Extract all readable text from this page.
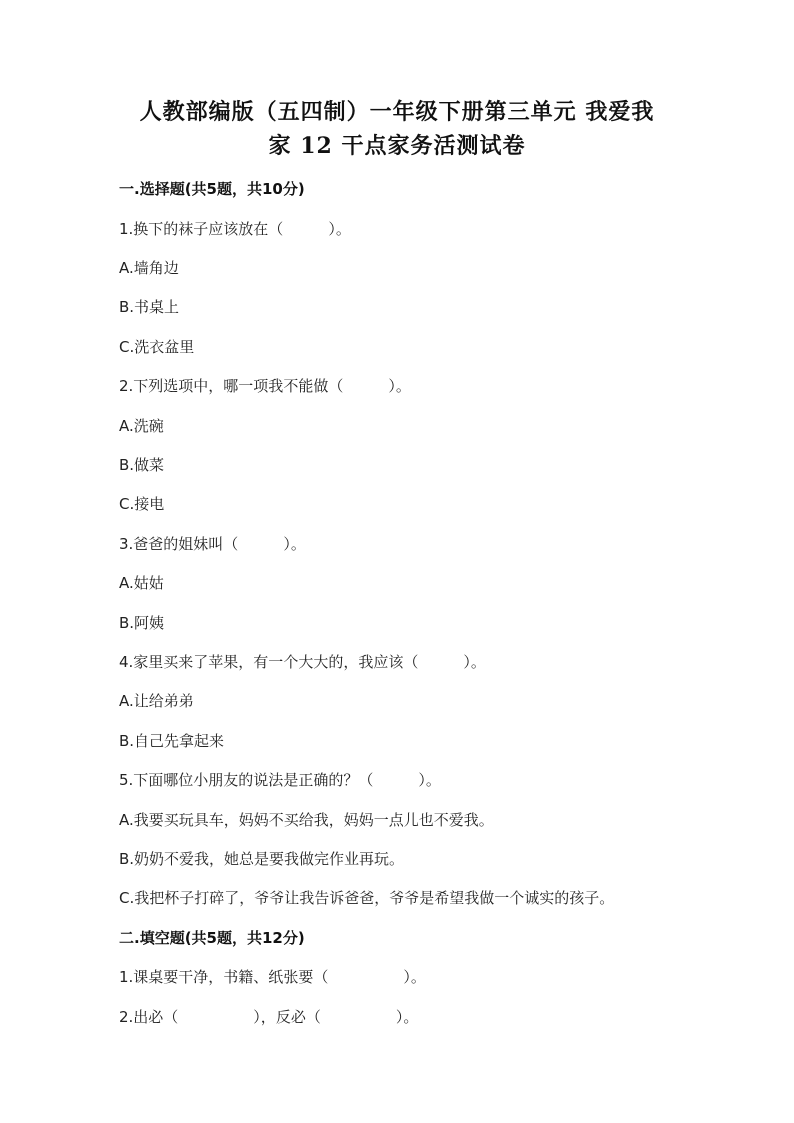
人教部编版（五四制）一年级下册第三单元 我爱我
家 12 干点家务活测试卷
一.选择题(共5题，共10分)
1.换下的袜子应该放在（　　　）。
A.墙角边
B.书桌上
C.洗衣盆里
2.下列选项中，哪一项我不能做（　　　）。
A.洗碗
B.做菜
C.接电
3.爸爸的姐妹叫（　　　）。
A.姑姑
B.阿姨
4.家里买来了苹果，有一个大大的，我应该（　　　）。
A.让给弟弟
B.自己先拿起来
5.下面哪位小朋友的说法是正确的？（　　　）。
A.我要买玩具车，妈妈不买给我，妈妈一点儿也不爱我。
B.奶奶不爱我，她总是要我做完作业再玩。
C.我把杯子打碎了，爷爷让我告诉爸爸，爷爷是希望我做一个诚实的孩子。
二.填空题(共5题，共12分)
1.课桌要干净，书籍、纸张要（　　　　　）。
2.出必（　　　　　），反必（　　　　　）。
